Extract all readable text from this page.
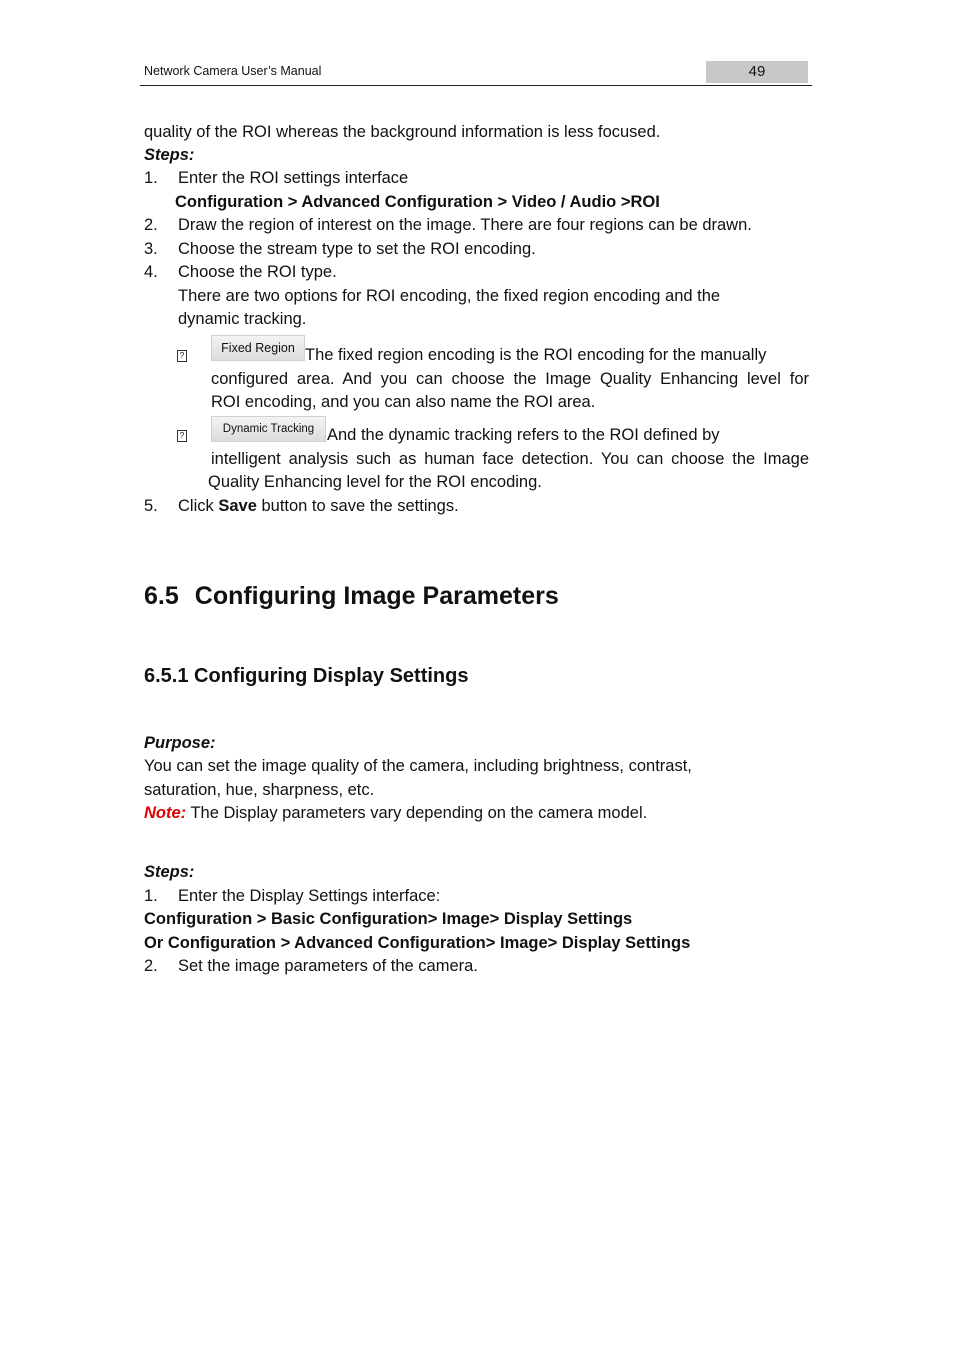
Network Camera User’s Manual	49
quality of the ROI whereas the background information is less focused.
Steps:
1. Enter the ROI settings interface
Configuration > Advanced Configuration > Video / Audio >ROI
2. Draw the region of interest on the image. There are four regions can be drawn.
3. Choose the stream type to set the ROI encoding.
4. Choose the ROI type.
There are two options for ROI encoding, the fixed region encoding and the
dynamic tracking.
?
Fixed Region The fixed region encoding is the ROI encoding for the manually
configured area. And you can choose the Image Quality Enhancing level for
ROI encoding, and you can also name the ROI area.
?
Dynamic Tracking And the dynamic tracking refers to the ROI defined by
intelligent analysis such as human face detection. You can choose the Image
Quality Enhancing level for the ROI encoding.
5. Click Save button to save the settings.
6.5 Configuring Image Parameters
6.5.1 Configuring Display Settings
Purpose:
You can set the image quality of the camera, including brightness, contrast,
saturation, hue, sharpness, etc.
Note: The Display parameters vary depending on the camera model.
Steps:
1. Enter the Display Settings interface:
Configuration > Basic Configuration> Image> Display Settings
Or Configuration > Advanced Configuration> Image> Display Settings
2. Set the image parameters of the camera.
